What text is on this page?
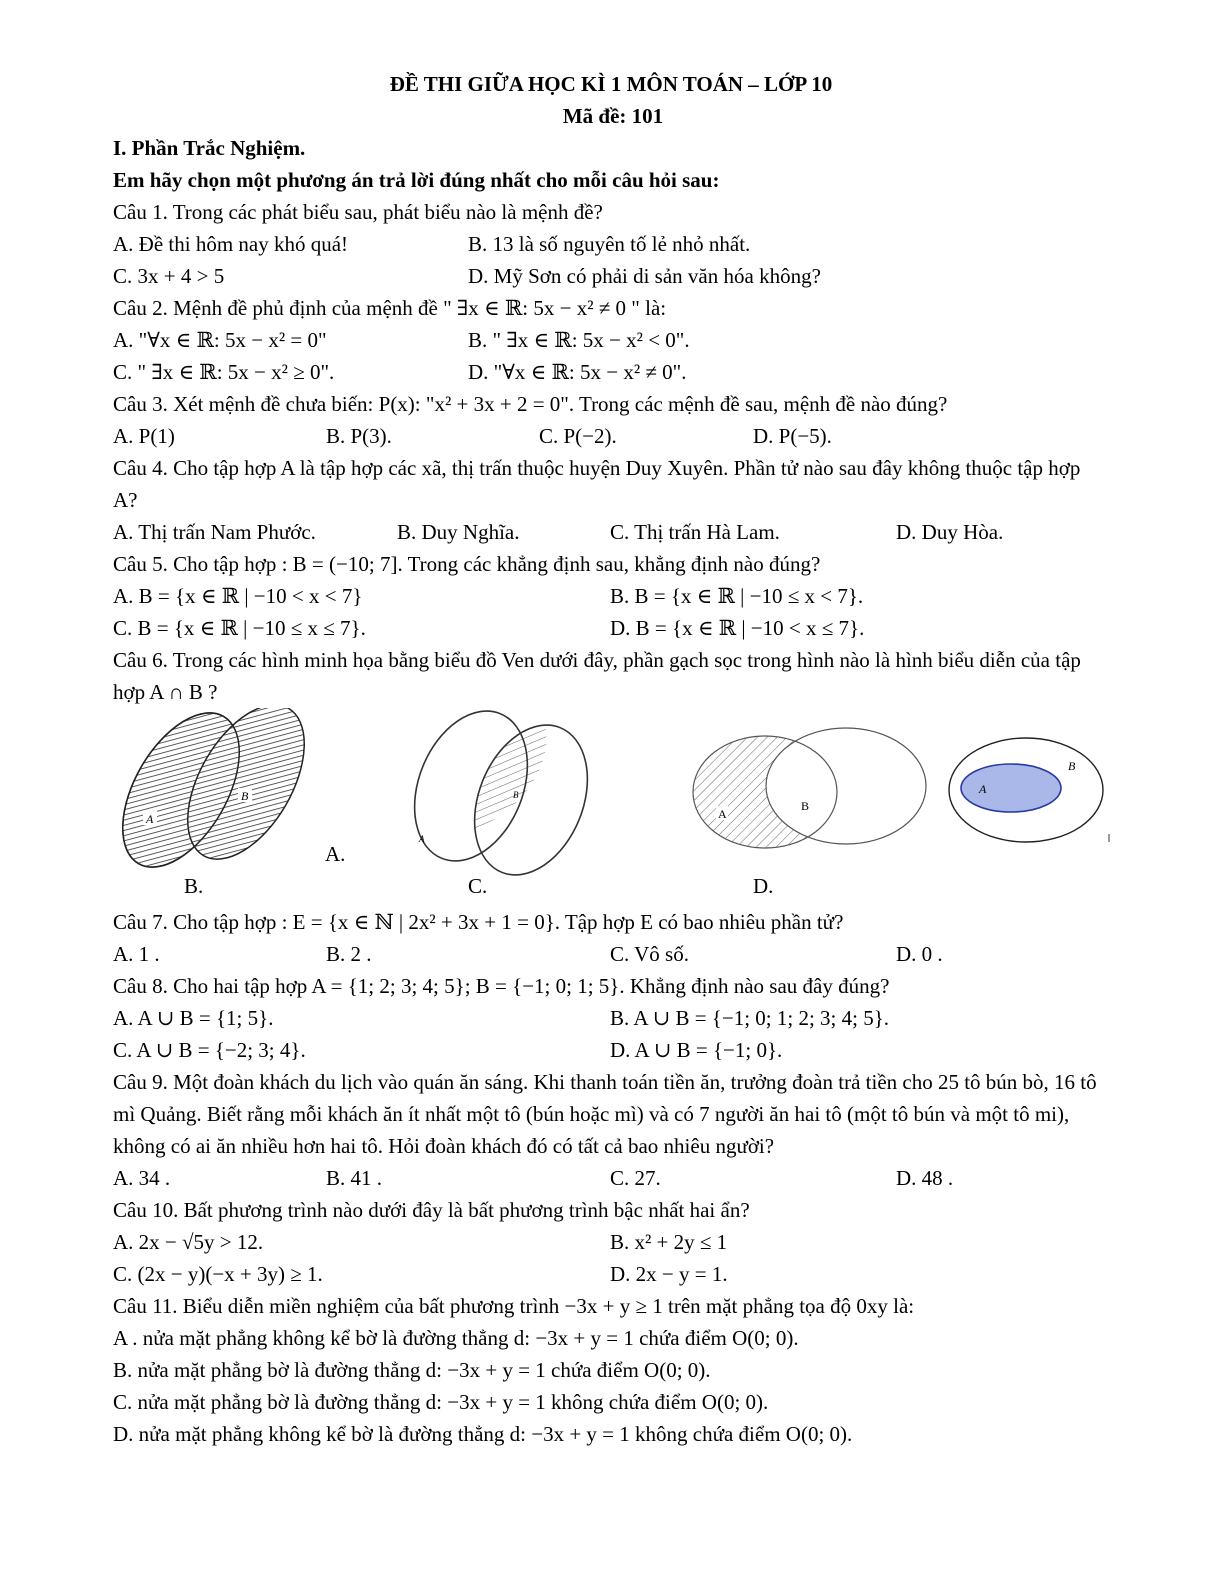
ĐỀ THI GIỮA HỌC KÌ 1 MÔN TOÁN – LỚP 10
Mã đề: 101
I. Phần Trắc Nghiệm.
Em hãy chọn một phương án trả lời đúng nhất cho mỗi câu hỏi sau:
Câu 1. Trong các phát biểu sau, phát biểu nào là mệnh đề?
A. Đề thi hôm nay khó quá!	B. 13 là số nguyên tố lẻ nhỏ nhất.
C. 3x + 4 > 5	D. Mỹ Sơn có phải di sản văn hóa không?
Câu 2. Mệnh đề phủ định của mệnh đề " ∃x ∈ ℝ: 5x − x² ≠ 0 " là:
A. "∀x ∈ ℝ: 5x − x² = 0"	B. " ∃x ∈ ℝ: 5x − x² < 0".
C. " ∃x ∈ ℝ: 5x − x² ≥ 0".	D. "∀x ∈ ℝ: 5x − x² ≠ 0".
Câu 3. Xét mệnh đề chưa biến: P(x): "x² + 3x + 2 = 0". Trong các mệnh đề sau, mệnh đề nào đúng?
A. P(1)	B. P(3).	C. P(−2).	D. P(−5).
Câu 4. Cho tập hợp A là tập hợp các xã, thị trấn thuộc huyện Duy Xuyên. Phần tử nào sau đây không thuộc tập hợp A?
A. Thị trấn Nam Phước.	B. Duy Nghĩa.	C. Thị trấn Hà Lam.	D. Duy Hòa.
Câu 5. Cho tập hợp : B = (−10; 7]. Trong các khẳng định sau, khẳng định nào đúng?
A. B = {x ∈ ℝ | −10 < x < 7}	B. B = {x ∈ ℝ | −10 ≤ x < 7}.
C. B = {x ∈ ℝ | −10 ≤ x ≤ 7}.	D. B = {x ∈ ℝ | −10 < x ≤ 7}.
Câu 6. Trong các hình minh họa bằng biểu đồ Ven dưới đây, phần gạch sọc trong hình nào là hình biểu diễn của tập hợp A ∩ B ?
A
B
A
B
A
B
A
B
A.
B.	C.	D.
Câu 7. Cho tập hợp : E = {x ∈ ℕ | 2x² + 3x + 1 = 0}. Tập hợp E có bao nhiêu phần tử?
A. 1 .	B. 2 .	C. Vô số.	D. 0 .
Câu 8. Cho hai tập hợp A = {1; 2; 3; 4; 5}; B = {−1; 0; 1; 5}. Khẳng định nào sau đây đúng?
A. A ∪ B = {1; 5}.	B. A ∪ B = {−1; 0; 1; 2; 3; 4; 5}.
C. A ∪ B = {−2; 3; 4}.	D. A ∪ B = {−1; 0}.
Câu 9. Một đoàn khách du lịch vào quán ăn sáng. Khi thanh toán tiền ăn, trưởng đoàn trả tiền cho 25 tô bún bò, 16 tô mì Quảng. Biết rằng mỗi khách ăn ít nhất một tô (bún hoặc mì) và có 7 người ăn hai tô (một tô bún và một tô mi), không có ai ăn nhiều hơn hai tô. Hỏi đoàn khách đó có tất cả bao nhiêu người?
A. 34 .	B. 41 .	C. 27.	D. 48 .
Câu 10. Bất phương trình nào dưới đây là bất phương trình bậc nhất hai ẩn?
A. 2x − √5y > 12.	B. x² + 2y ≤ 1
C. (2x − y)(−x + 3y) ≥ 1.	D. 2x − y = 1.
Câu 11. Biểu diễn miền nghiệm của bất phương trình −3x + y ≥ 1 trên mặt phẳng tọa độ 0xy là:
A . nửa mặt phẳng không kể bờ là đường thẳng d: −3x + y = 1 chứa điểm O(0; 0).
B. nửa mặt phẳng bờ là đường thẳng d: −3x + y = 1 chứa điểm O(0; 0).
C. nửa mặt phẳng bờ là đường thẳng d: −3x + y = 1 không chứa điểm O(0; 0).
D. nửa mặt phẳng không kể bờ là đường thẳng d: −3x + y = 1 không chứa điểm O(0; 0).
